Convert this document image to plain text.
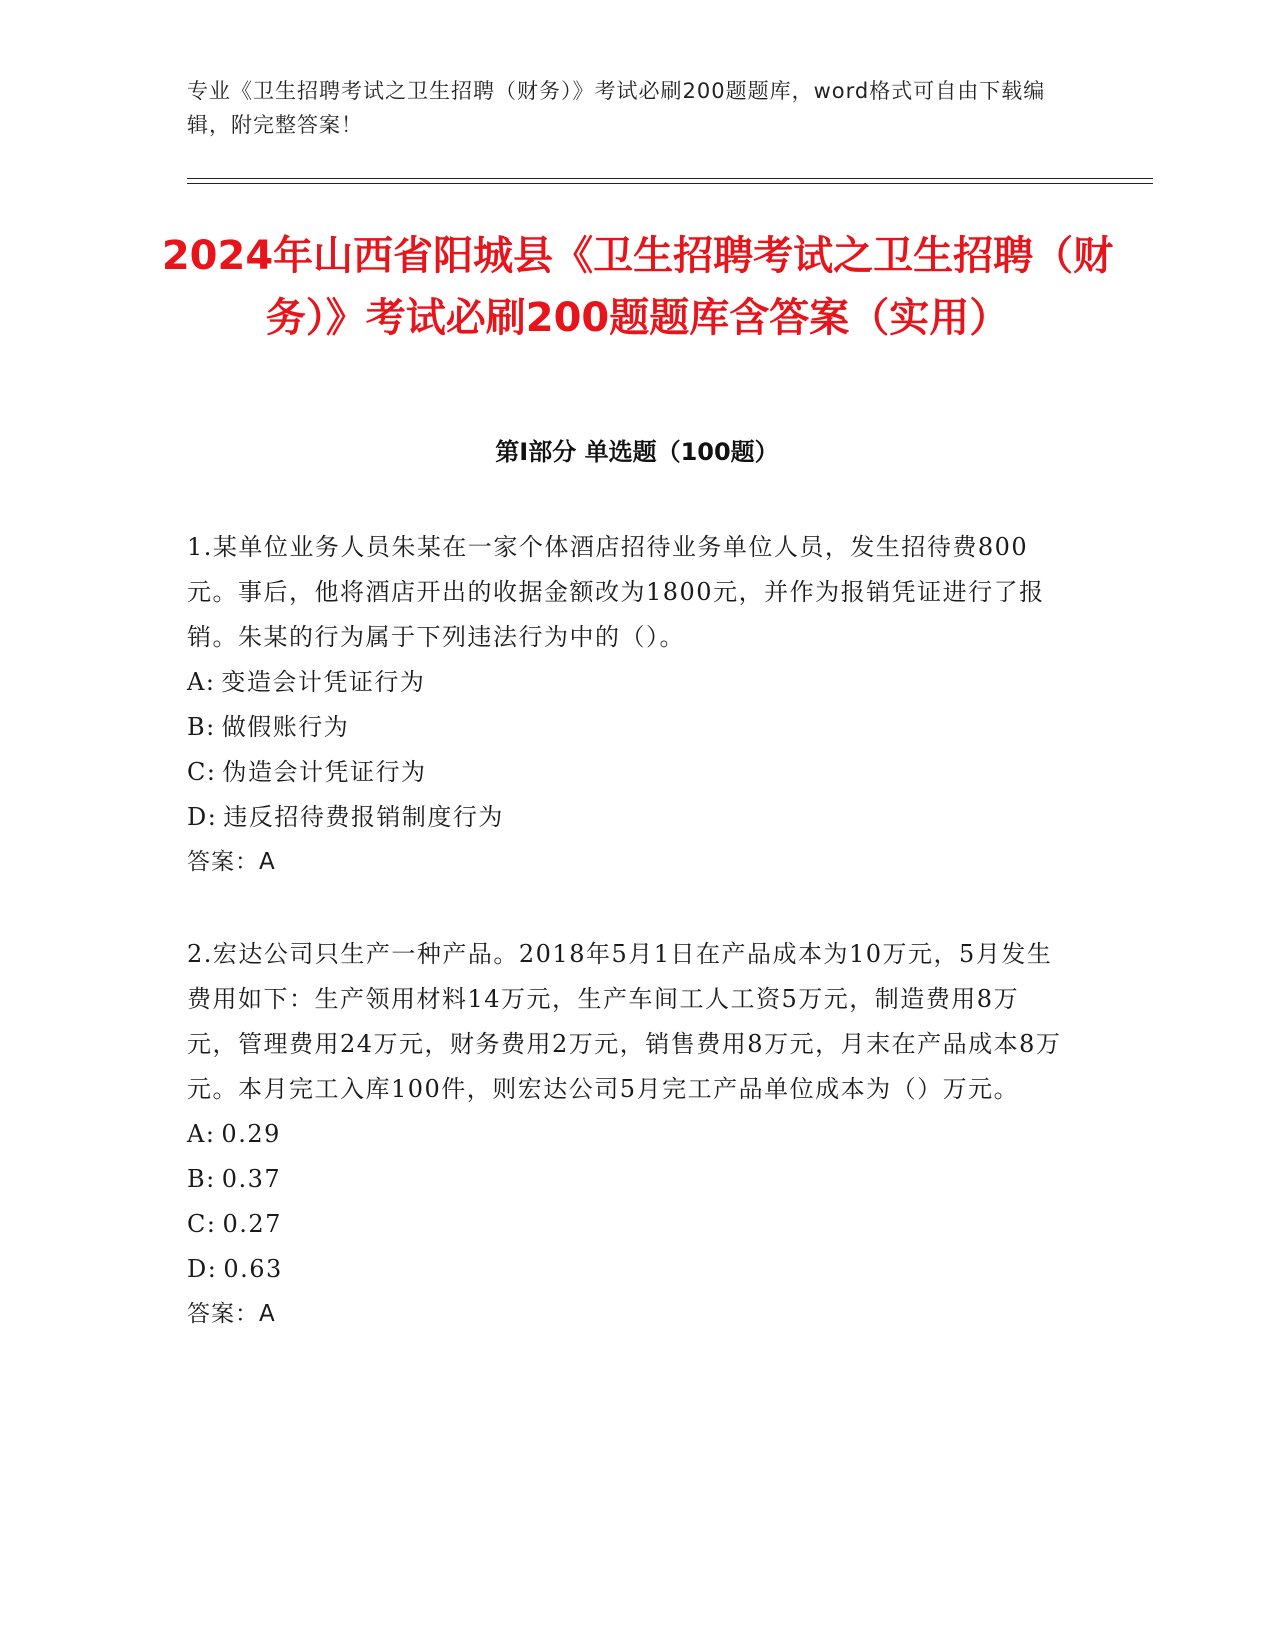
专业《卫生招聘考试之卫生招聘（财务）》考试必刷200题题库，word格式可自由下载编辑，附完整答案！
2024年山西省阳城县《卫生招聘考试之卫生招聘（财务）》考试必刷200题题库含答案（实用）
第Ⅰ部分 单选题（100题）

1.某单位业务人员朱某在一家个体酒店招待业务单位人员，发生招待费800元。事后，他将酒店开出的收据金额改为1800元，并作为报销凭证进行了报销。朱某的行为属于下列违法行为中的（）。

A: 变造会计凭证行为
B: 做假账行为
C: 伪造会计凭证行为
D: 违反招待费报销制度行为
答案：A

2.宏达公司只生产一种产品。2018年5月1日在产品成本为10万元，5月发生费用如下：生产领用材料14万元，生产车间工人工资5万元，制造费用8万元，管理费用24万元，财务费用2万元，销售费用8万元，月末在产品成本8万元。本月完工入库100件，则宏达公司5月完工产品单位成本为（）万元。

A: 0.29
B: 0.37
C: 0.27
D: 0.63
答案：A
